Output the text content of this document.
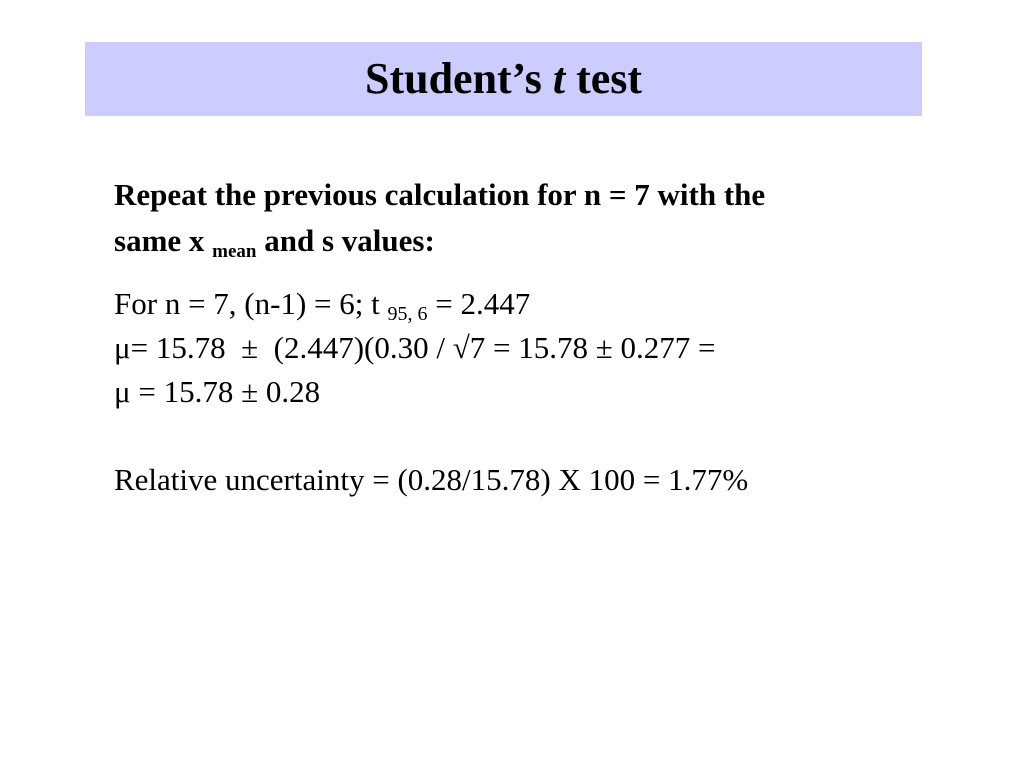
Student’s t test
Repeat the previous calculation for n = 7 with the
same x $_{mean}$ and s values:
For n = 7, (n-1) = 6; t 95, 6 = 2.447
μ= 15.78  ±  (2.447)(0.30 / √7 = 15.78 ± 0.277 =
μ = 15.78 ± 0.28
Relative uncertainty = (0.28/15.78) X 100 = 1.77%
